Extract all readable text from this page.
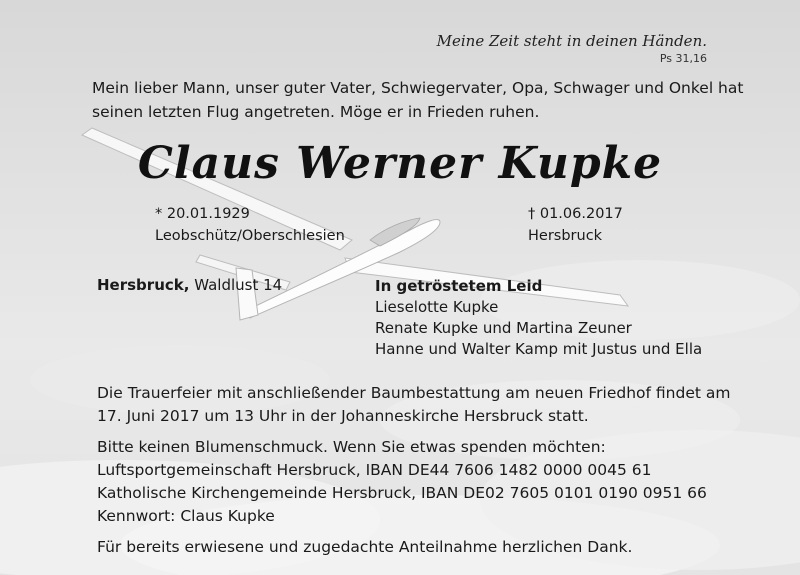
Meine Zeit steht in deinen Händen.

Ps 31,16

Mein lieber Mann, unser guter Vater, Schwiegervater, Opa, Schwager und Onkel hat
seinen letzten Flug angetreten. Möge er in Frieden ruhen.

Claus Werner Kupke

* 20.01.1929
Leobschütz/Oberschlesien
† 01.06.2017
Hersbruck

Hersbruck, Waldlust 14	In getröstetem Leid
Lieselotte Kupke
Renate Kupke und Martina Zeuner
Hanne und Walter Kamp mit Justus und Ella
Die Trauerfeier mit anschließender Baumbestattung am neuen Friedhof findet am
17. Juni 2017 um 13 Uhr in der Johanneskirche Hersbruck statt.
Bitte keinen Blumenschmuck. Wenn Sie etwas spenden möchten:
Luftsportgemeinschaft Hersbruck, IBAN DE44 7606 1482 0000 0045 61
Katholische Kirchengemeinde Hersbruck, IBAN DE02 7605 0101 0190 0951 66
Kennwort: Claus Kupke
Für bereits erwiesene und zugedachte Anteilnahme herzlichen Dank.
